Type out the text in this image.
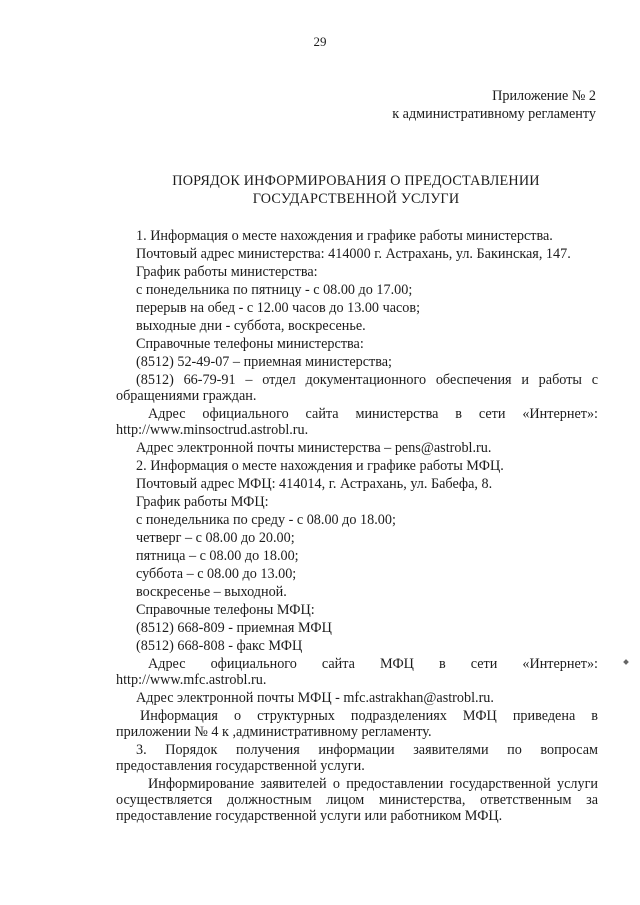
29
Приложение № 2
к административному регламенту
ПОРЯДОК ИНФОРМИРОВАНИЯ О ПРЕДОСТАВЛЕНИИ
ГОСУДАРСТВЕННОЙ УСЛУГИ
1. Информация о месте нахождения и графике работы министерства.
Почтовый адрес министерства: 414000 г. Астрахань, ул. Бакинская, 147.
График работы министерства:
с понедельника по пятницу - с 08.00 до 17.00;
перерыв на обед - с 12.00 часов до 13.00 часов;
выходные дни - суббота, воскресенье.
Справочные телефоны министерства:
(8512) 52-49-07 – приемная министерства;
(8512) 66-79-91 – отдел документационного обеспечения и работы с
обращениями граждан.
Адрес официального сайта министерства в сети «Интернет»:
http://www.minsoctrud.astrobl.ru.
Адрес электронной почты министерства – pens@astrobl.ru.
2. Информация о месте нахождения и графике работы МФЦ.
Почтовый адрес МФЦ: 414014, г. Астрахань, ул. Бабефа, 8.
График работы МФЦ:
с понедельника по среду - с 08.00 до 18.00;
четверг – с 08.00 до 20.00;
пятница – с 08.00 до 18.00;
суббота – с 08.00 до 13.00;
воскресенье – выходной.
Справочные телефоны МФЦ:
(8512) 668-809 - приемная МФЦ
(8512) 668-808 - факс МФЦ
Адрес официального сайта МФЦ в сети «Интернет»:
http://www.mfc.astrobl.ru.
Адрес электронной почты МФЦ - mfc.astrakhan@astrobl.ru.
Информация о структурных подразделениях МФЦ приведена в
приложении № 4 к ,административному регламенту.
3. Порядок получения информации заявителями по вопросам
предоставления государственной услуги.
Информирование заявителей о предоставлении государственной услуги
осуществляется должностным лицом министерства, ответственным за
предоставление государственной услуги или работником МФЦ.
